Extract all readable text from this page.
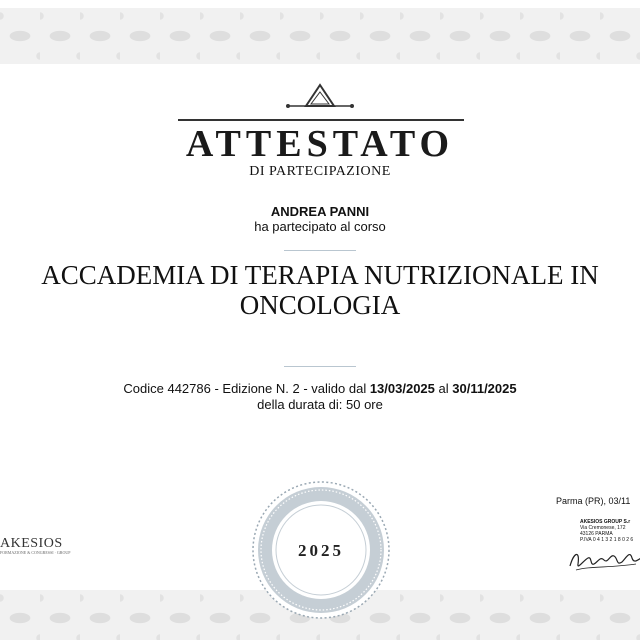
ATTESTATO
DI PARTECIPAZIONE
ANDREA PANNI
ha partecipato al corso
ACCADEMIA DI TERAPIA NUTRIZIONALE IN ONCOLOGIA
Codice 442786 - Edizione N. 2 - valido dal 13/03/2025 al 30/11/2025
della durata di: 50 ore
AKESIOS
FORMAZIONE & CONGRESSI · GROUP	2025
Parma (PR), 03/11
AKESIOS GROUP S.r
Via Cremonese, 172
43126 PARMA
P.IVA 0 4 1 3 2 1 8 0 2 6
